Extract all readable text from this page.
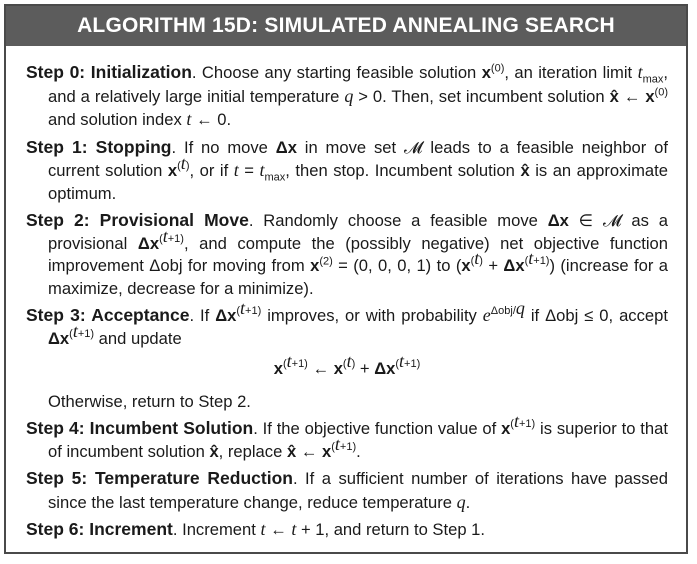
ALGORITHM 15D: SIMULATED ANNEALING SEARCH

Step 0: Initialization. Choose any starting feasible solution $x^{(0)}$, an iteration limit $t_{max}$, and a relatively large initial temperature q > 0. Then, set incumbent solution x̂ ← $x^{(0)}$ and solution index t ← 0.

Step 1: Stopping. If no move Δx in move set 𝓜 leads to a feasible neighbor of current solution $x^{(t)}$, or if $t = t_{max}$, then stop. Incumbent solution x̂ is an approximate optimum.

Step 2: Provisional Move. Randomly choose a feasible move Δx ∈ 𝓜 as a provisional $\Delta x^{(t+1)}$, and compute the (possibly negative) net objective function improvement Δobj for moving from $x^{(2)} = (0$, 0, 0, 1) to $(x^{(t)} + \Delta x^{(t+1)})$ (increase for a maximize, decrease for a minimize).

Step 3: Acceptance. If $\Delta x^{(t+1)}$ improves, or with probability $e^{\Delta obj/q}$ if Δobj ≤ 0, accept $\Delta x^{(t+1)}$ and update

$x^{(t+1)}$ ← $x^{(t)} + \Delta x^{(t+1)}$

Otherwise, return to Step 2.

Step 4: Incumbent Solution. If the objective function value of $x^{(t+1)}$ is superior to that of incumbent solution x̂, replace x̂ ← $x^{(t+1)}$.

Step 5: Temperature Reduction. If a sufficient number of iterations have passed since the last temperature change, reduce temperature q.

Step 6: Increment. Increment t ← t + 1, and return to Step 1.
